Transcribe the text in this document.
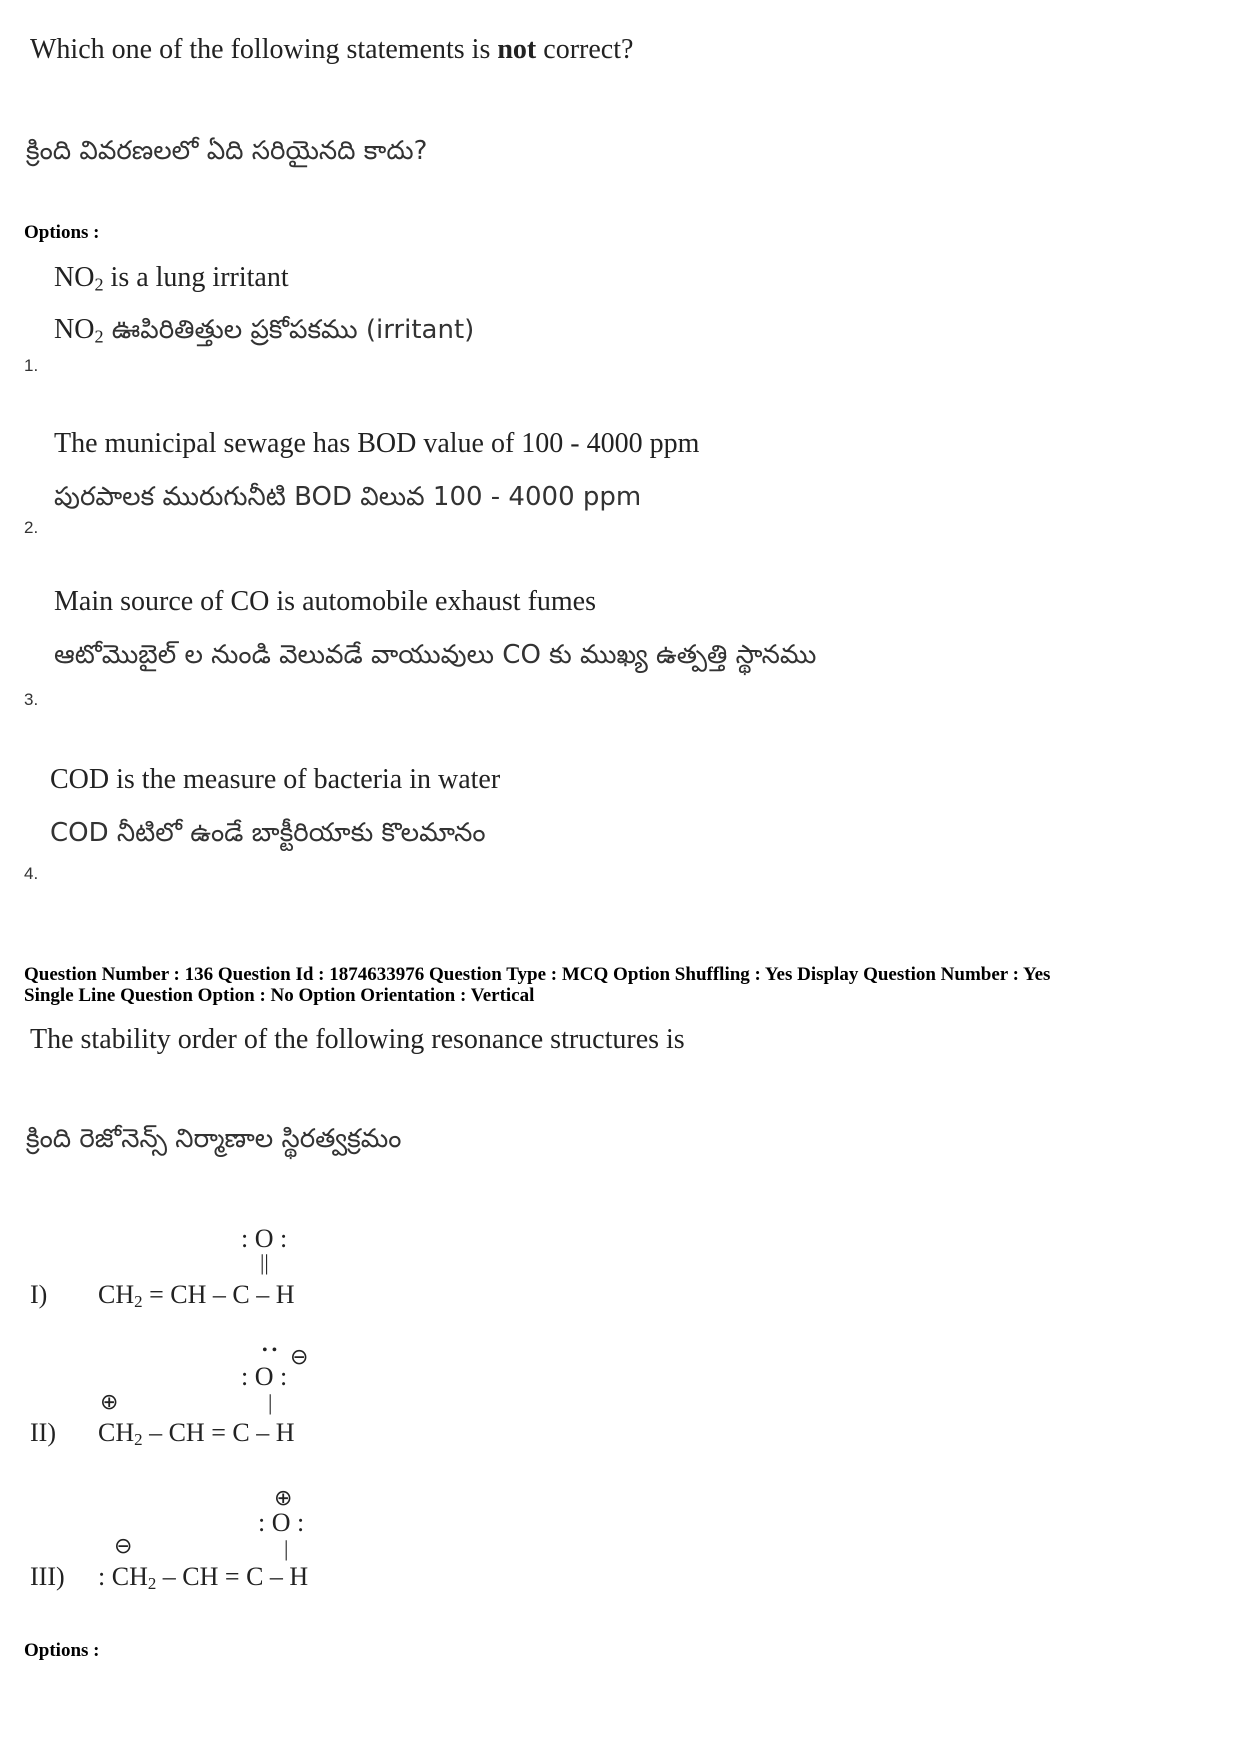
Which one of the following statements is not correct?
క్రింది వివరణలలో ఏది సరియైనది కాదు?
Options :
$NO_2$ is a lung irritant
$NO_2$ ఊపిరితిత్తుల ప్రకోపకము (irritant)
1.
The municipal sewage has BOD value of 100 - 4000 ppm
పురపాలక మురుగునీటి BOD విలువ 100 - 4000 ppm
2.
Main source of CO is automobile exhaust fumes
ఆటోమొబైల్ ల నుండి వెలువడే వాయువులు CO కు ముఖ్య ఉత్పత్తి స్థానము
3.
COD is the measure of bacteria in water
COD నీటిలో ఉండే బాక్టీరియాకు కొలమానం
4.
Question Number : 136 Question Id : 1874633976 Question Type : MCQ Option Shuffling : Yes Display Question Number : Yes
Single Line Question Option : No Option Orientation : Vertical
The stability order of the following resonance structures is
క్రింది రెజోనెన్స్ నిర్మాణాల స్థిరత్వక్రమం
: O :
||
I) $CH_2$ = CH – C – H
• • ⊖
: O :
⊕	|
II) $CH_2$ – CH = C – H
⊕
: O :
⊖	|
III) : $CH_2$ – CH = C – H
Options :
